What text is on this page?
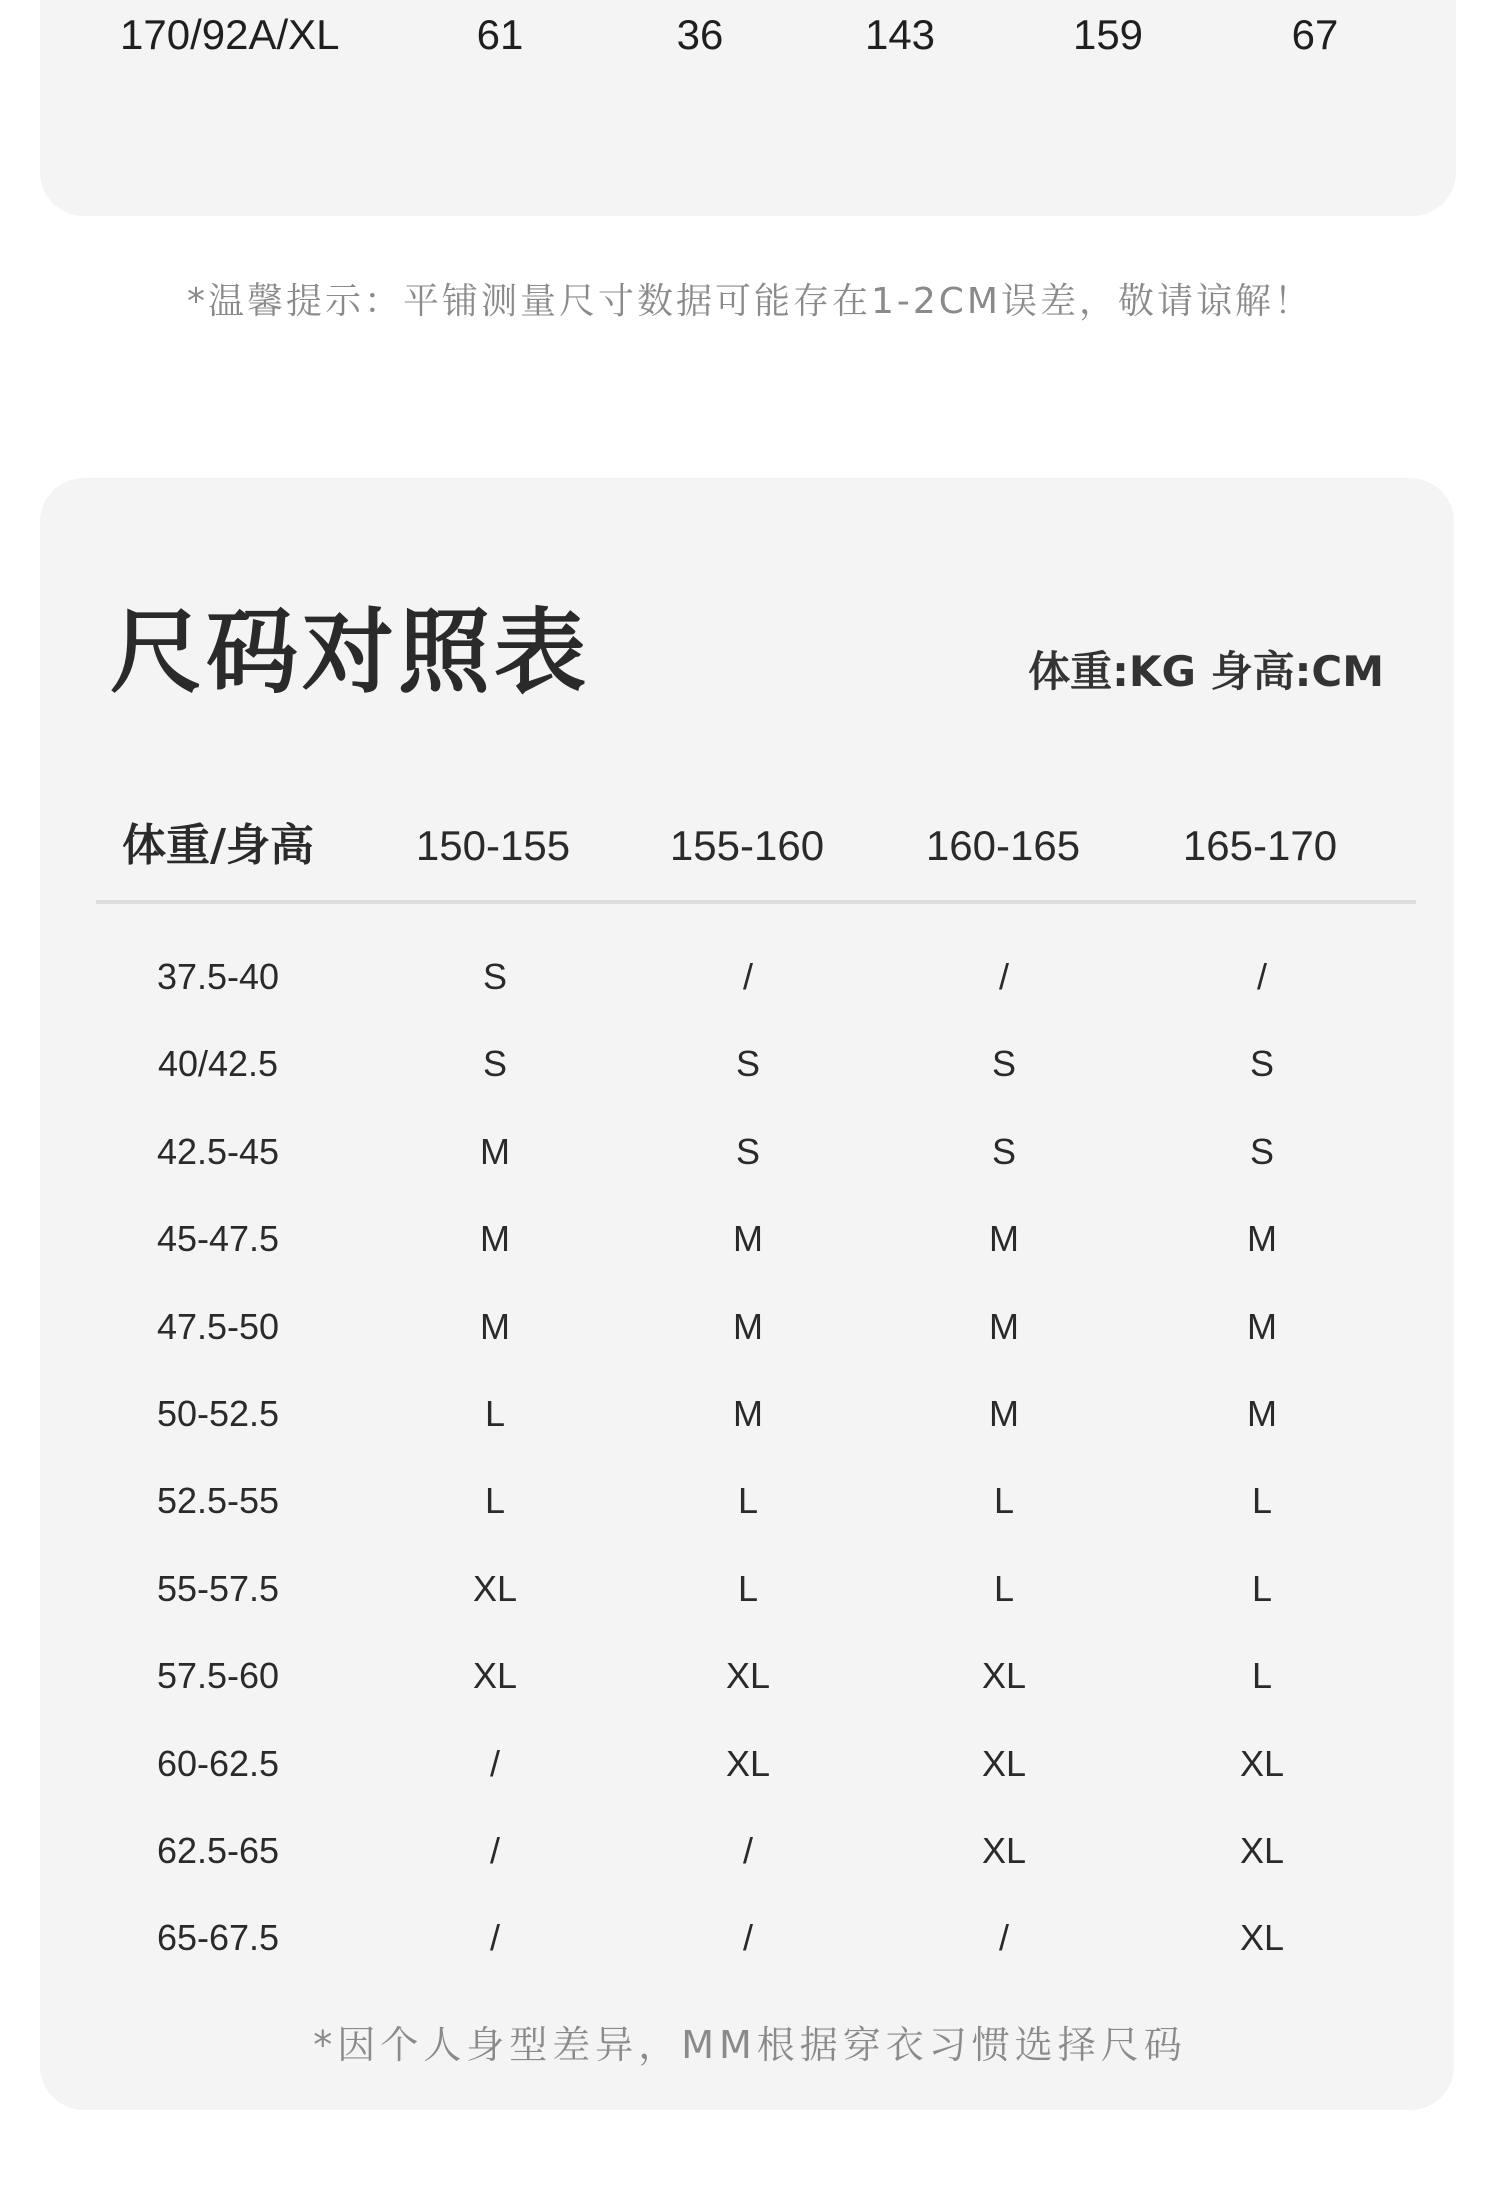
170/92A/XL	61	36	143	159	67
*温馨提示：平铺测量尺寸数据可能存在1-2CM误差，敬请谅解！
尺码对照表	体重:KG 身高:CM
体重/身高 150-155 155-160 160-165 165-170
37.5-40	S	/	/	/
40/42.5	S	S	S	S
42.5-45	M	S	S	S
45-47.5	M	M	M	M
47.5-50	M	M	M	M
50-52.5	L	M	M	M
52.5-55	L	L	L	L
55-57.5	XL	L	L	L
57.5-60	XL	XL	XL	L
60-62.5	/	XL	XL	XL
62.5-65	/	/	XL	XL
65-67.5	/	/	/	XL
*因个人身型差异，MM根据穿衣习惯选择尺码
